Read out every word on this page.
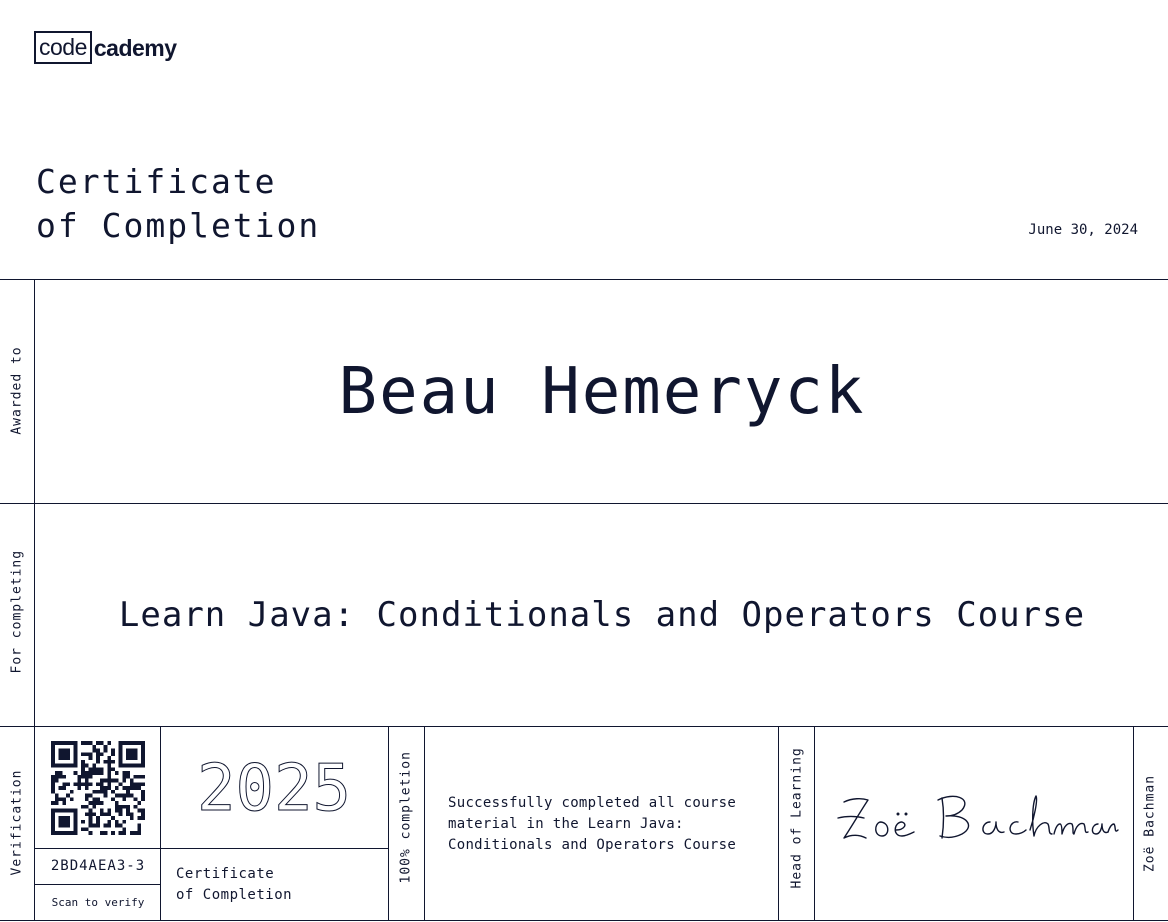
code cademy
Certificate
of Completion	June 30, 2024
Awarded to
For completing
Verification
Beau Hemeryck
Learn Java: Conditionals and Operators Course
2BD4AEA3-3
Scan to verify
2025
Certificate
of Completion
100% completion Successfully completed all course
material in the Learn Java:
Conditionals and Operators Course	Head of Learning	Zoë Bachman
